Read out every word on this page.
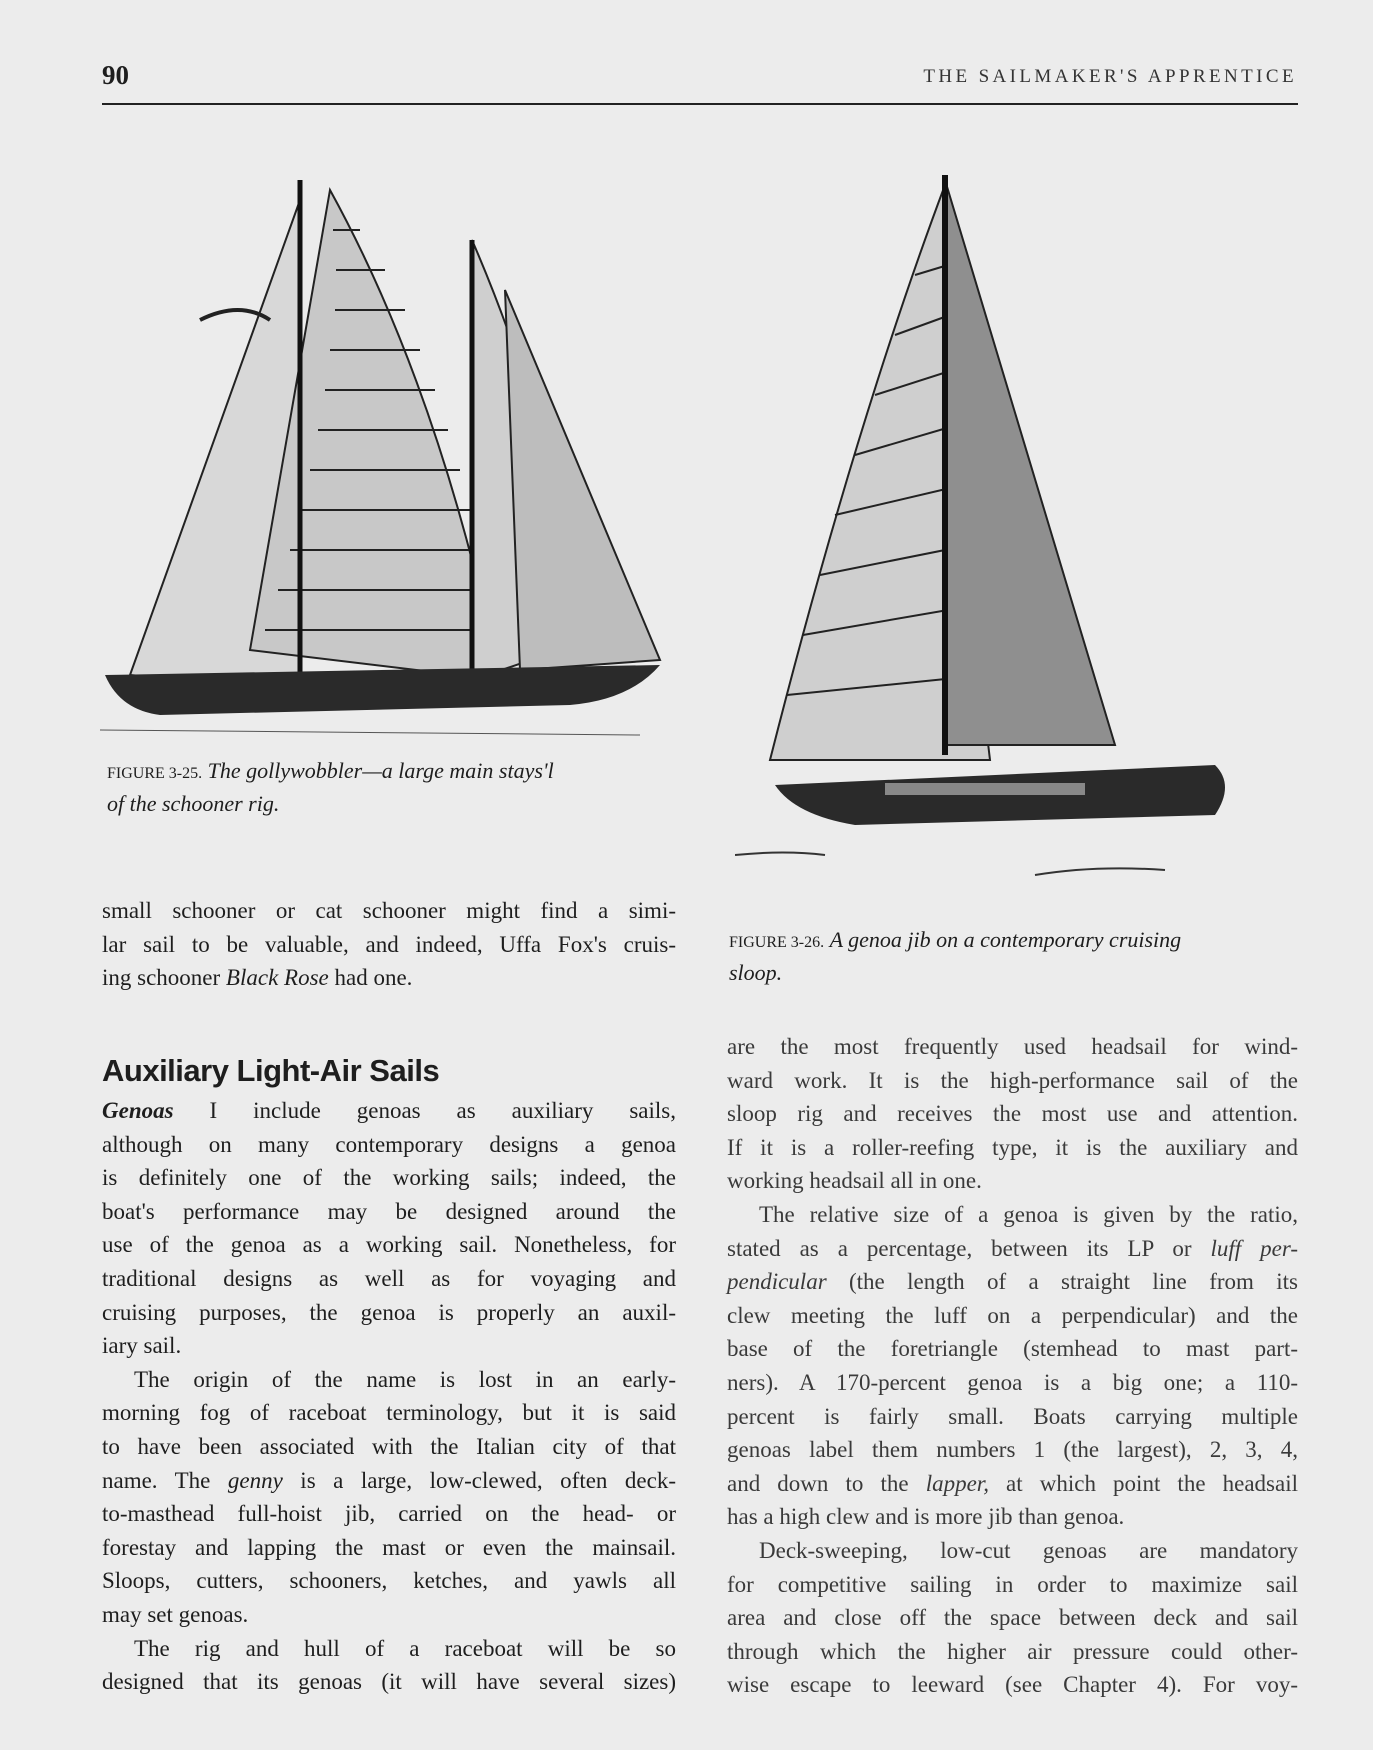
90	THE SAILMAKER'S APPRENTICE
FIGURE 3-25. The gollywobbler—a large main stays'l
of the schooner rig.
FIGURE 3-26. A genoa jib on a contemporary cruising
sloop.
Auxiliary Light-Air Sails
small schooner or cat schooner might find a simi-
lar sail to be valuable, and indeed, Uffa Fox's cruis-
ing schooner Black Rose had one.
Genoas I include genoas as auxiliary sails,
although on many contemporary designs a genoa
is definitely one of the working sails; indeed, the
boat's performance may be designed around the
use of the genoa as a working sail. Nonetheless, for
traditional designs as well as for voyaging and
cruising purposes, the genoa is properly an auxil-
iary sail.
The origin of the name is lost in an early-
morning fog of raceboat terminology, but it is said
to have been associated with the Italian city of that
name. The genny is a large, low-clewed, often deck-
to-masthead full-hoist jib, carried on the head- or
forestay and lapping the mast or even the mainsail.
Sloops, cutters, schooners, ketches, and yawls all
may set genoas.
The rig and hull of a raceboat will be so
designed that its genoas (it will have several sizes)
are the most frequently used headsail for wind-
ward work. It is the high-performance sail of the
sloop rig and receives the most use and attention.
If it is a roller-reefing type, it is the auxiliary and
working headsail all in one.
The relative size of a genoa is given by the ratio,
stated as a percentage, between its LP or luff per-
pendicular (the length of a straight line from its
clew meeting the luff on a perpendicular) and the
base of the foretriangle (stemhead to mast part-
ners). A 170-percent genoa is a big one; a 110-
percent is fairly small. Boats carrying multiple
genoas label them numbers 1 (the largest), 2, 3, 4,
and down to the lapper, at which point the headsail
has a high clew and is more jib than genoa.
Deck-sweeping, low-cut genoas are mandatory
for competitive sailing in order to maximize sail
area and close off the space between deck and sail
through which the higher air pressure could other-
wise escape to leeward (see Chapter 4). For voy-
